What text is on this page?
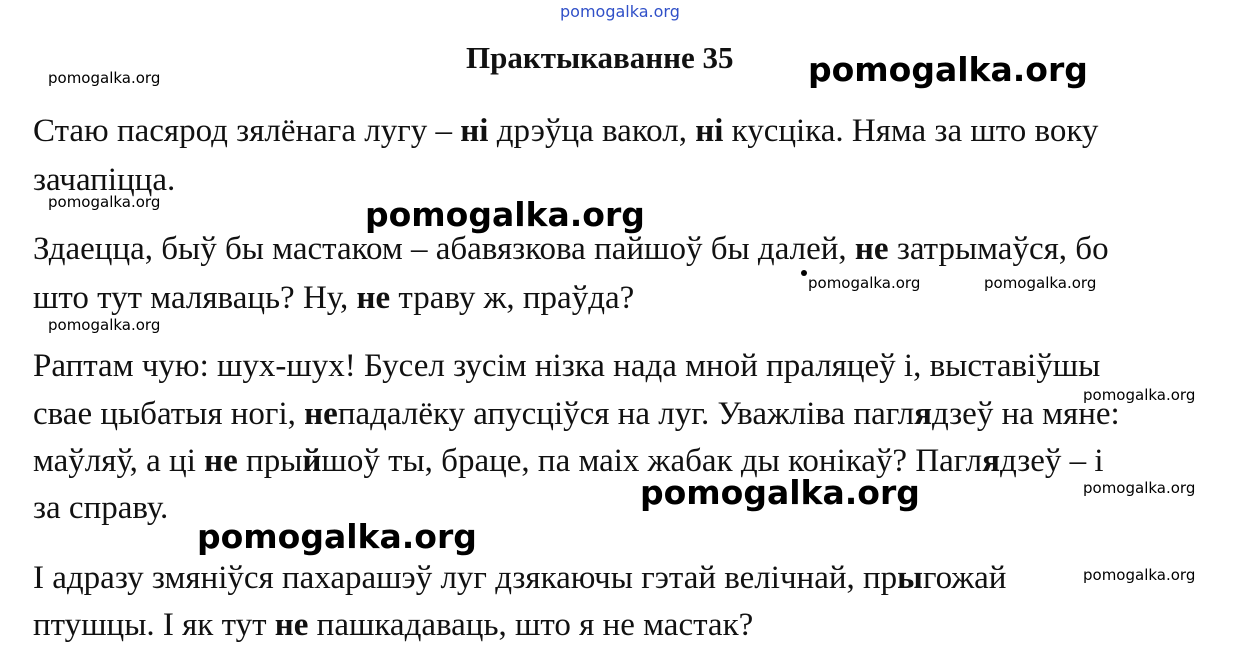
pomogalka.org
pomogalka.org
Практыкаванне 35 pomogalka.org
Стаю пасярод зялёнага лугу – ні дрэўца вакол, ні кусціка. Няма за што воку
зачапіцца.
pomogalka.org	pomogalka.org
Здаецца, быў бы мастаком – абавязкова пайшоў бы далей, не затрымаўся, бо
pomogalka.org	pomogalka.org
што тут маляваць? Ну, не траву ж, праўда?
pomogalka.org
Раптам чую: шух-шух! Бусел зусім нізка нада мной праляцеў і, выставіўшы
pomogalka.org
свае цыбатыя ногі, непадалёку апусціўся на луг. Уважліва паглядзеў на мяне:
маўляў, а ці не прыйшоў ты, браце, па маіх жабак ды конікаў? Паглядзеў – і
pomogalka.org
pomogalka.org
за справу.
pomogalka.org
І адразу змяніўся пахарашэў луг дзякаючы гэтай велічнай, прыгожай	pomogalka.org
птушцы. І як тут не пашкадаваць, што я не мастак?
